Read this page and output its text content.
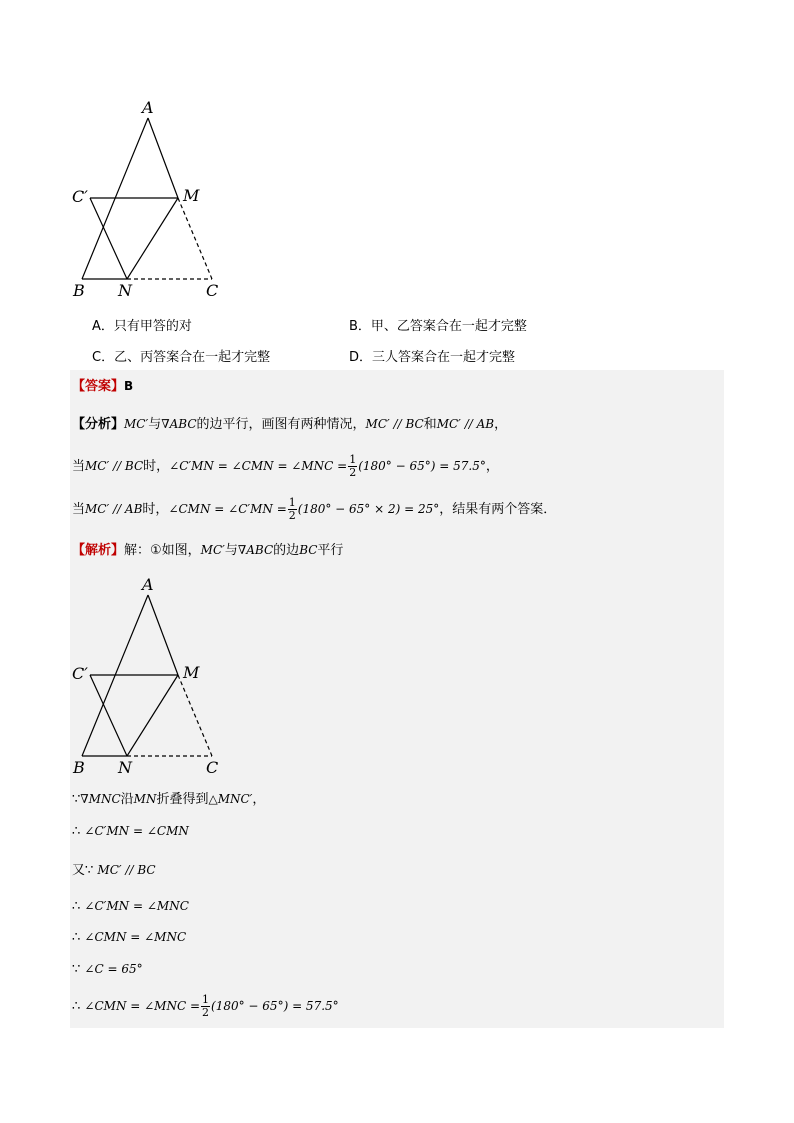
A
C′	M
B N	C
A．只有甲答的对	B．甲、乙答案合在一起才完整
C．乙、丙答案合在一起才完整	D．三人答案合在一起才完整
【答案】B
【分析】MC′与∇ABC的边平行，画图有两种情况，MC′ // BC和MC′ // AB，
当MC′ // BC时，∠C′MN = ∠CMN = ∠MNC = $\frac{1}{2} (180^\circ - 65^\circ) = 57.5^\circ$，
当MC′ // AB时，∠CMN = ∠C′MN = $\frac{1}{2} (180^\circ - 65^\circ \times 2) = 25^\circ$，结果有两个答案．
【解析】解：①如图，MC′与∇ABC的边BC平行
A
C′	M
B N	C
∵∇MNC沿MN折叠得到△MNC′，
∴ ∠C′MN = ∠CMN
又∵ MC′ // BC
∴ ∠C′MN = ∠MNC
∴ ∠CMN = ∠MNC
∵ ∠C = 65°
∴ ∠CMN = ∠MNC = $\frac{1}{2} (180^\circ - 65^\circ) = 57.5^\circ$
